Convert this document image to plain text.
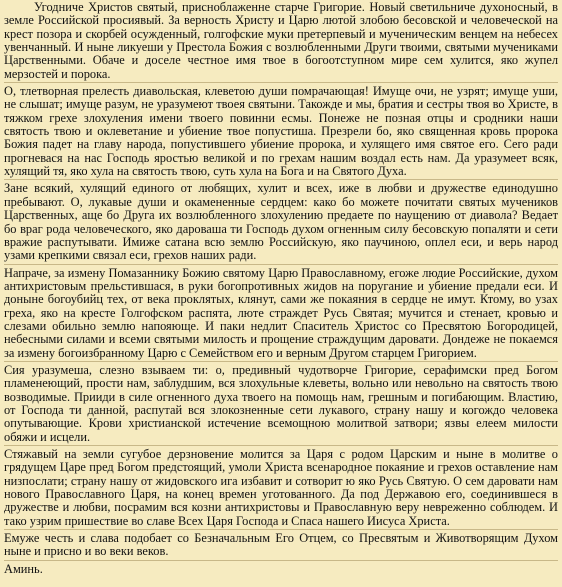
Угодниче Христов святый, присноблаженне старче Григорие. Новый светильниче духоносный, в земле Российской просиявый. За верность Христу и Царю лютой злобою бесовской и человеческой на крест позора и скорбей осужденный, голгофские муки претерпевый и мученическим венцем на небесех увенчанный. И ныне ликуеши у Престола Божия с возлюбленными Други твоими, святыми мучениками Царственными. Обаче и доселе честное имя твое в богоотступном мире сем хулится, яко жупел мерзостей и порока.

О, тлетворная прелесть диавольская, клеветою души помрачающая! Имуще очи, не узрят; имуще уши, не слышат; имуще разум, не уразумеют твоея святыни. Такожде и мы, братия и сестры твоя во Христе, в тяжком грехе злохуления имени твоего повинни есмы. Понеже не позная отцы и сродники наши святость твою и оклеветание и убиение твое попустиша. Презрели бо, яко священная кровь пророка Божия падет на главу народа, попустившего убиение пророка, и хулящего имя святое его. Сего ради прогневася на нас Господь яростью великой и по грехам нашим воздал есть нам. Да уразумеет всяк, хулящий тя, яко хула на святость твою, суть хула на Бога и на Святого Духа.

Зане всякий, хулящий единого от любящих, хулит и всех, иже в любви и дружестве единодушно пребывают. О, лукавые души и окамененные сердцем: како бо можете почитати святых мучеников Царственных, аще бо Друга их возлюбленного злохулению предаете по наущению от диавола? Ведает бо враг рода человеческого, яко дароваша ти Господь духом огненным силу бесовскую попаляти и сети вражие распутывати. Имиже сатана всю землю Российскую, яко паучиною, оплел еси, и верь народ узами крепкими связал еси, грехов наших ради.

Напраче, за измену Помазаннику Божию святому Царю Православному, егоже людие Российские, духом антихристовым прельстившася, в руки богопротивных жидов на поругание и убиение предали еси. И доныне богоубийц тех, от века проклятых, клянут, сами же покаяния в сердце не имут. Ктому, во узах греха, яко на кресте Голгофском распята, люте страждет Русь Святая; мучится и стенает, кровью и слезами обильно землю напояюще. И паки недлит Спаситель Христос со Пресвятою Богородицей, небесными силами и всеми святыми милость и прощение страждущим даровати. Дондеже не покаемся за измену богоизбранному Царю с Семейством его и верным Другом старцем Григорием.

Сия уразумеша, слезно взываем ти: о, предивный чудотворче Григорие, серафимски пред Богом пламенеющий, прости нам, заблудшим, вся злохульные клеветы, вольно или невольно на святость твою возводимые. Прииди в силе огненного духа твоего на помощь нам, грешным и погибающим. Властию, от Господа ти данной, распутай вся злокозненные сети лукавого, страну нашу и когождо человека опутывающие. Крови христианской истечение всемощною молитвой затвори; язвы елеем милости обяжи и исцели.

Стяжавый на земли сугубое дерзновение молится за Царя с родом Царским и ныне в молитве о грядущем Царе пред Богом предстоящий, умоли Христа всенародное покаяние и грехов оставление нам низпослати; страну нашу от жидовского ига избавит и сотворит ю яко Русь Святую. О сем даровати нам нового Православного Царя, на конец времен уготованного. Да под Державою его, соединившеся в дружестве и любви, посрамим вся козни антихристовы и Православную веру невреженно соблюдем. И тако узрим пришествие во славе Всех Царя Господа и Спаса нашего Иисуса Христа.

Емуже честь и слава подобает со Безначальным Его Отцем, со Пресвятым и Животворящим Духом ныне и присно и во веки веков.

Аминь.
